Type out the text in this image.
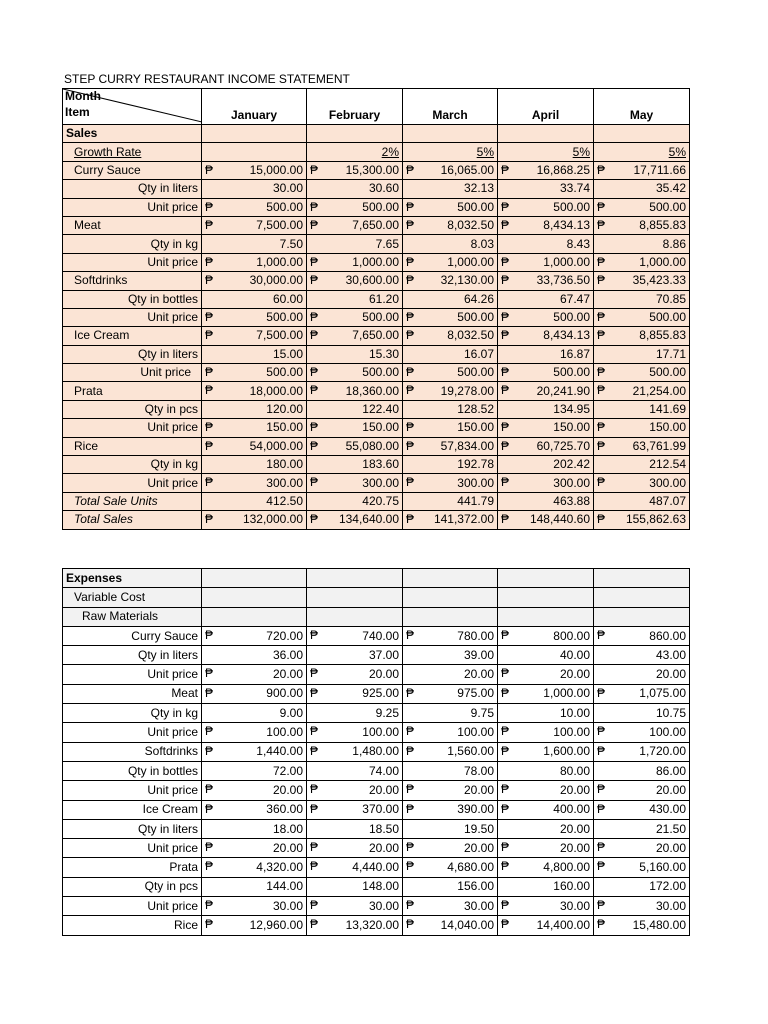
STEP CURRY RESTAURANT INCOME STATEMENT
Month
Item	January	February	March	April	May
Sales					
Growth Rate		2%	5%	5%	5%
Curry Sauce	₱ 15,000.00	₱ 15,300.00	₱ 16,065.00	₱ 16,868.25	₱ 17,711.66
Qty in liters	30.00	30.60	32.13	33.74	35.42
Unit price	₱ 500.00	₱ 500.00	₱ 500.00	₱ 500.00	₱ 500.00
Meat	₱ 7,500.00	₱ 7,650.00	₱ 8,032.50	₱ 8,434.13	₱ 8,855.83
Qty in kg	7.50	7.65	8.03	8.43	8.86
Unit price	₱ 1,000.00	₱ 1,000.00	₱ 1,000.00	₱ 1,000.00	₱ 1,000.00
Softdrinks	₱ 30,000.00	₱ 30,600.00	₱ 32,130.00	₱ 33,736.50	₱ 35,423.33
Qty in bottles	60.00	61.20	64.26	67.47	70.85
Unit price	₱ 500.00	₱ 500.00	₱ 500.00	₱ 500.00	₱ 500.00
Ice Cream	₱ 7,500.00	₱ 7,650.00	₱ 8,032.50	₱ 8,434.13	₱ 8,855.83
Qty in liters	15.00	15.30	16.07	16.87	17.71
Unit price	₱ 500.00	₱ 500.00	₱ 500.00	₱ 500.00	₱ 500.00
Prata	₱ 18,000.00	₱ 18,360.00	₱ 19,278.00	₱ 20,241.90	₱ 21,254.00
Qty in pcs	120.00	122.40	128.52	134.95	141.69
Unit price	₱ 150.00	₱ 150.00	₱ 150.00	₱ 150.00	₱ 150.00
Rice	₱ 54,000.00	₱ 55,080.00	₱ 57,834.00	₱ 60,725.70	₱ 63,761.99
Qty in kg	180.00	183.60	192.78	202.42	212.54
Unit price	₱ 300.00	₱ 300.00	₱ 300.00	₱ 300.00	₱ 300.00
Total Sale Units	412.50	420.75	441.79	463.88	487.07
Total Sales	₱ 132,000.00	₱ 134,640.00	₱ 141,372.00	₱ 148,440.60	₱ 155,862.63
Expenses					
Variable Cost					
Raw Materials					
Curry Sauce	₱ 720.00	₱ 740.00	₱ 780.00	₱ 800.00	₱ 860.00
Qty in liters	36.00	37.00	39.00	40.00	43.00
Unit price	₱ 20.00	₱ 20.00	20.00	₱ 20.00	20.00
Meat	₱ 900.00	₱ 925.00	₱ 975.00	₱ 1,000.00	₱ 1,075.00
Qty in kg	9.00	9.25	9.75	10.00	10.75
Unit price	₱ 100.00	₱ 100.00	₱ 100.00	₱ 100.00	₱ 100.00
Softdrinks	₱ 1,440.00	₱ 1,480.00	₱ 1,560.00	₱ 1,600.00	₱ 1,720.00
Qty in bottles	72.00	74.00	78.00	80.00	86.00
Unit price	₱ 20.00	₱ 20.00	₱ 20.00	₱ 20.00	₱ 20.00
Ice Cream	₱ 360.00	₱ 370.00	₱ 390.00	₱ 400.00	₱ 430.00
Qty in liters	18.00	18.50	19.50	20.00	21.50
Unit price	₱ 20.00	₱ 20.00	₱ 20.00	₱ 20.00	₱ 20.00
Prata	₱ 4,320.00	₱ 4,440.00	₱ 4,680.00	₱ 4,800.00	₱ 5,160.00
Qty in pcs	144.00	148.00	156.00	160.00	172.00
Unit price	₱ 30.00	₱ 30.00	₱ 30.00	₱ 30.00	₱ 30.00
Rice	₱ 12,960.00	₱ 13,320.00	₱ 14,040.00	₱ 14,400.00	₱ 15,480.00
